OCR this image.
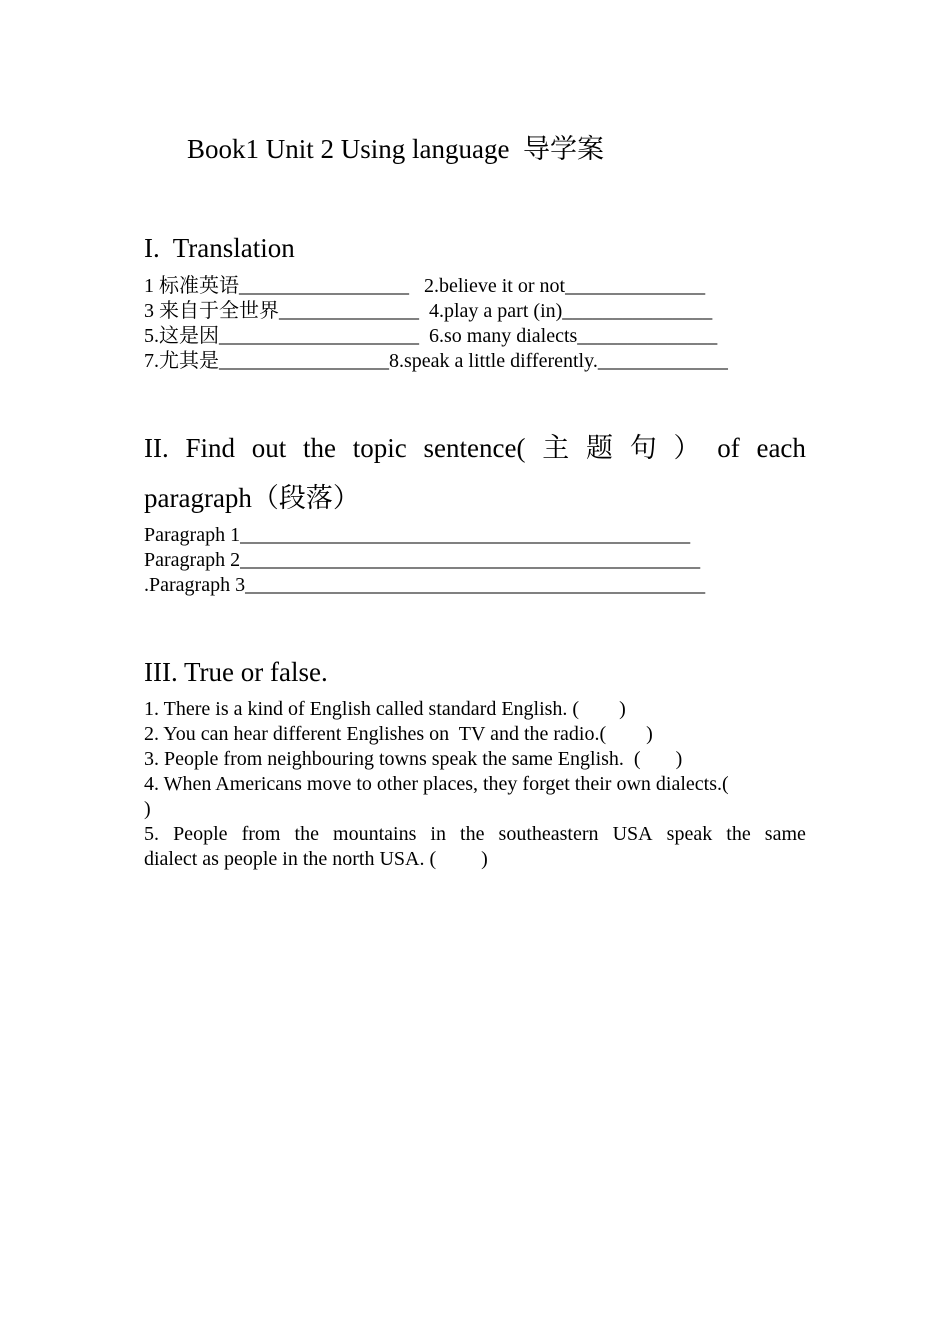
Book1 Unit 2 Using language  导学案
I.  Translation
1 标准英语_________________   2.believe it or not______________
3 来自于全世界______________  4.play a part (in)_______________
5.这是因____________________  6.so many dialects______________
7.尤其是_________________8.speak a little differently._____________
II. Find out the topic sentence( 主 题 句 ） of each
paragraph（段落）
Paragraph 1_____________________________________________
Paragraph 2______________________________________________
.Paragraph 3______________________________________________
III. True or false.
1. There is a kind of English called standard English. (        )
2. You can hear different Englishes on  TV and the radio.(        )
3. People from neighbouring towns speak the same English.  (       )
4. When Americans move to other places, they forget their own dialects.(
)
5. People from the mountains in the southeastern USA speak the same
dialect as people in the north USA. (         )
